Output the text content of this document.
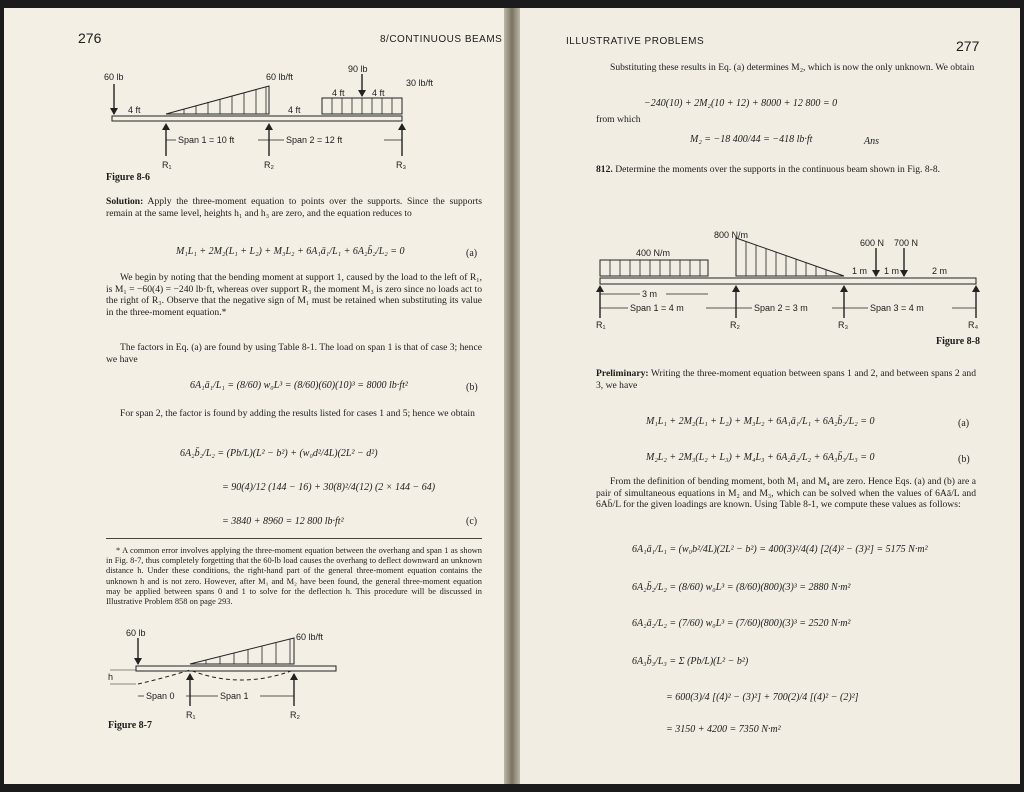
276	8/CONTINUOUS BEAMS
60 lb	60 lb/ft
30 lb/ft
90 lb
4 ft	4 ft
4 ft	4 ft
Span 1 = 10 ft	Span 2 = 12 ft
R₁	R₂	R₃
Figure 8-6
Solution: Apply the three-moment equation to points over the supports. Since the supports remain at the same level, heights h₁ and h₃ are zero, and the equation reduces to
M₁L₁ + 2M₂(L₁ + L₂) + M₃L₂ + 6A₁ā₁/L₁ + 6A₂b̄₂/L₂ = 0	(a)
We begin by noting that the bending moment at support 1, caused by the load to the left of R₁, is M₁ = −60(4) = −240 lb·ft, whereas over support R₃ the moment M₃ is zero since no loads act to the right of R₃. Observe that the negative sign of M₁ must be retained when substituting its value in the three-moment equation.*
The factors in Eq. (a) are found by using Table 8-1. The load on span 1 is that of case 3; hence we have
6A₁ā₁/L₁ = (8/60) w₀L³ = (8/60)(60)(10)³ = 8000 lb·ft²	(b)
For span 2, the factor is found by adding the results listed for cases 1 and 5; hence we obtain
6A₂b̄₂/L₂ = (Pb/L)(L² − b²) + (w₀d²/4L)(2L² − d²)
= 90(4)/12 (144 − 16) + 30(8)²/4(12) (2 × 144 − 64)
= 3840 + 8960 = 12 800 lb·ft²	(c)
* A common error involves applying the three-moment equation between the overhang and span 1 as shown in Fig. 8-7, thus completely forgetting that the 60-lb load causes the overhang to deflect downward an unknown distance h. Under these conditions, the right-hand part of the general three-moment equation contains the unknown h and is not zero. However, after M₁ and M₂ have been found, the general three-moment equation may be applied between spans 0 and 1 to solve for the deflection h. This procedure will be discussed in Illustrative Problem 858 on page 293.
60 lb	60 lb/ft
h
Span 0	Span 1
R₁	R₂
Figure 8-7
ILLUSTRATIVE PROBLEMS	277
Substituting these results in Eq. (a) determines M₂, which is now the only unknown. We obtain
−240(10) + 2M₂(10 + 12) + 8000 + 12 800 = 0
from which
M₂ = −18 400/44 = −418 lb·ft	Ans
812. Determine the moments over the supports in the continuous beam shown in Fig. 8-8.
400 N/m
800 N/m
600 N 700 N
1 m 1 m	2 m
3 m
Span 1 = 4 m	Span 2 = 3 m	Span 3 = 4 m
R₁	R₂	R₃	R₄
Figure 8-8
Preliminary: Writing the three-moment equation between spans 1 and 2, and between spans 2 and 3, we have
M₁L₁ + 2M₂(L₁ + L₂) + M₃L₂ + 6A₁ā₁/L₁ + 6A₂b̄₂/L₂ = 0	(a)
M₂L₂ + 2M₃(L₂ + L₃) + M₄L₃ + 6A₂ā₂/L₂ + 6A₃b̄₃/L₃ = 0	(b)
From the definition of bending moment, both M₁ and M₄ are zero. Hence Eqs. (a) and (b) are a pair of simultaneous equations in M₂ and M₃, which can be solved when the values of 6Aā/L and 6Ab̄/L for the given loadings are known. Using Table 8-1, we compute these values as follows:
6A₁ā₁/L₁ = (w₀b²/4L)(2L² − b²) = 400(3)²/4(4) [2(4)² − (3)²] = 5175 N·m²
6A₂b̄₂/L₂ = (8/60) w₀L³ = (8/60)(800)(3)³ = 2880 N·m²
6A₂ā₂/L₂ = (7/60) w₀L³ = (7/60)(800)(3)³ = 2520 N·m²
6A₃b̄₃/L₃ = Σ (Pb/L)(L² − b²)
= 600(3)/4 [(4)² − (3)²] + 700(2)/4 [(4)² − (2)²]
= 3150 + 4200 = 7350 N·m²
